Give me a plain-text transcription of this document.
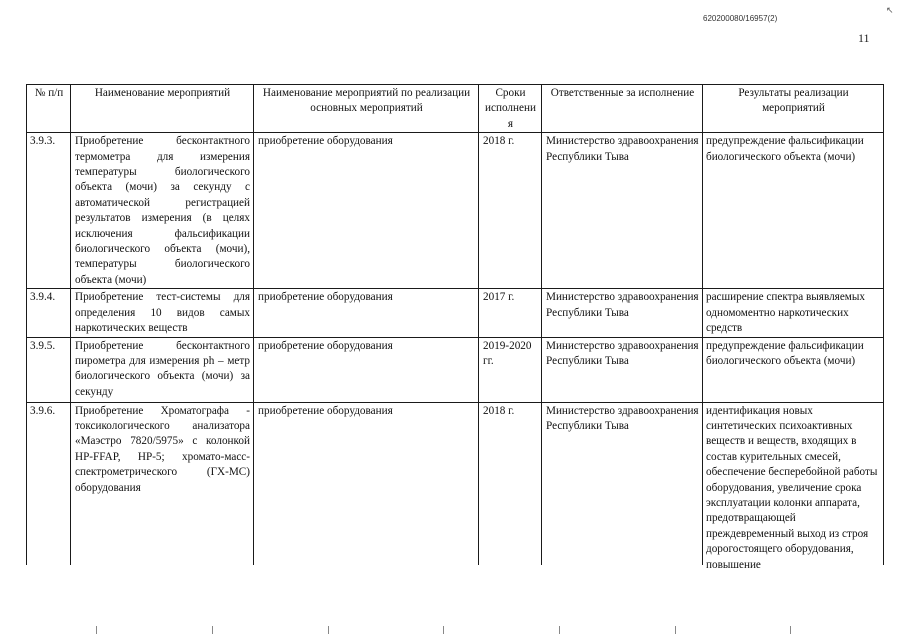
620200080/16957(2)
↖
11
№ п/п	Наименование мероприятий	Наименование мероприятий по реализации основных мероприятий	Сроки исполнения	Ответственные за исполнение	Результаты реализации мероприятий
3.9.3.	Приобретение бесконтактного термометра для измерения температуры биологического объекта (мочи) за секунду с автоматической регистрацией результатов измерения (в целях исключения фальсификации биологического объекта (мочи), температуры биологического объекта (мочи)	приобретение оборудования	2018 г.	Министерство здравоохранения Республики Тыва	предупреждение фальсификации биологического объекта (мочи)
3.9.4.	Приобретение тест-системы для определения 10 видов самых наркотических веществ	приобретение оборудования	2017 г.	Министерство здравоохранения Республики Тыва	расширение спектра выявляемых одномоментно наркотических средств
3.9.5.	Приобретение бесконтактного пирометра для измерения ph – метр биологического объекта (мочи) за секунду	приобретение оборудования	2019-2020 гг.	Министерство здравоохранения Республики Тыва	предупреждение фальсификации биологического объекта (мочи)
3.9.6.	Приобретение Хроматографа - токсикологического анализатора «Маэстро 7820/5975» с колонкой HP-FFAP, HP-5; хромато-масс-спектрометрического (ГХ-МС) оборудования	приобретение оборудования	2018 г.	Министерство здравоохранения Республики Тыва	идентификация новых синтетических психоактивных веществ и веществ, входящих в состав курительных смесей, обеспечение бесперебойной работы оборудования, увеличение срока эксплуатации колонки аппарата, предотвращающей преждевременный выход из строя дорогостоящего оборудования, повышение
